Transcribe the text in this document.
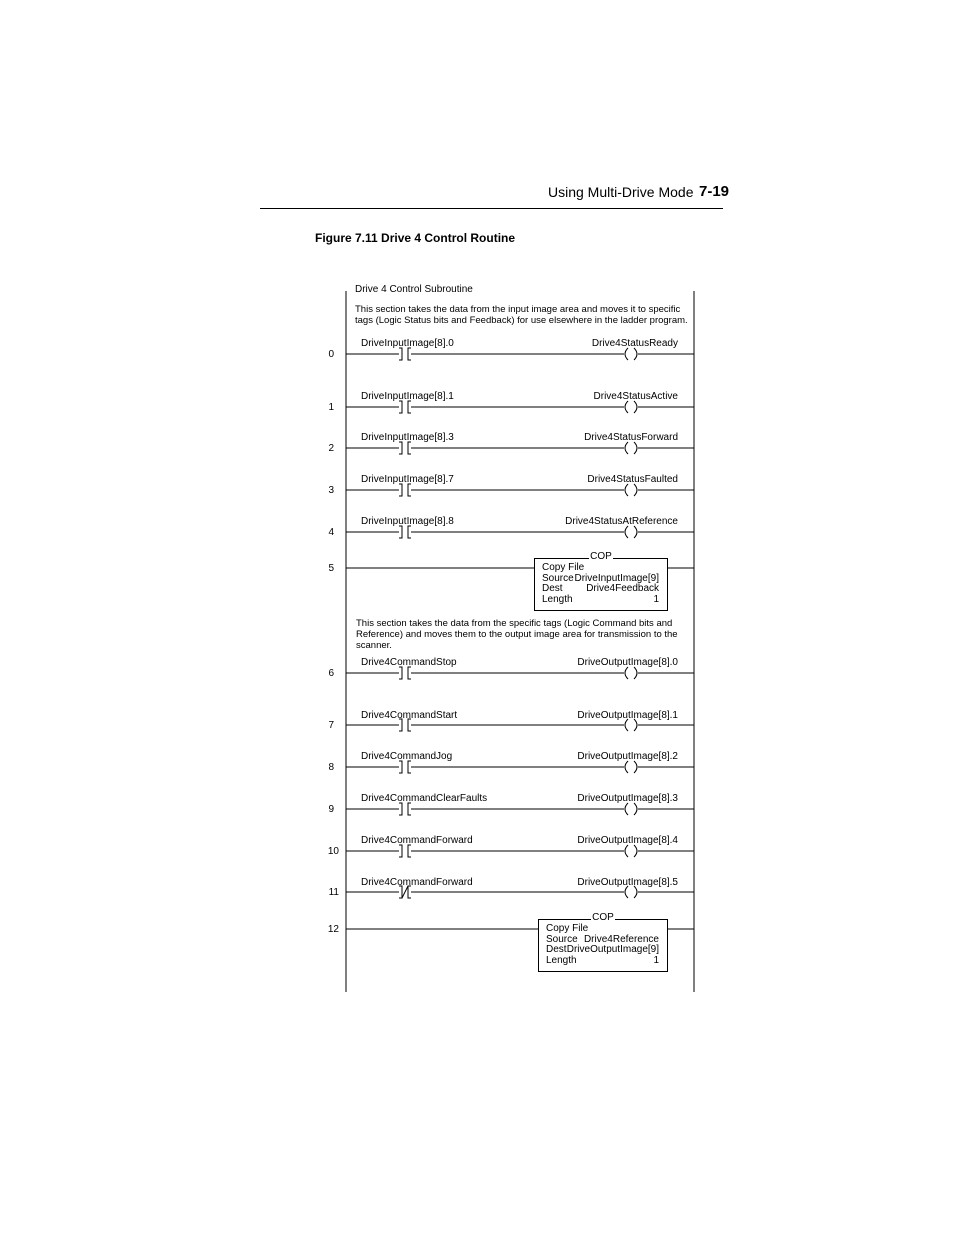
Using Multi-Drive Mode 7-19
Figure 7.11 Drive 4 Control Routine
Drive 4 Control Subroutine
This section takes the data from the input image area and moves it to specific tags (Logic Status bits and Feedback) for use elsewhere in the ladder program.
This section takes the data from the specific tags (Logic Command bits and Reference) and moves them to the output image area for transmission to the scanner.
0
DriveInputImage[8].0	Drive4StatusReady
1
DriveInputImage[8].1	Drive4StatusActive
2
DriveInputImage[8].3	Drive4StatusForward
3
DriveInputImage[8].7	Drive4StatusFaulted
4
DriveInputImage[8].8	Drive4StatusAtReference
5
COP
Copy File
Source DriveInputImage[9]
Dest Drive4Feedback
Length	1
6
Drive4CommandStop	DriveOutputImage[8].0
7
Drive4CommandStart	DriveOutputImage[8].1
8
Drive4CommandJog	DriveOutputImage[8].2
9
Drive4CommandClearFaults	DriveOutputImage[8].3
10
Drive4CommandForward	DriveOutputImage[8].4
11
Drive4CommandForward	DriveOutputImage[8].5
12
COP
Copy File
Source Drive4Reference
Dest DriveOutputImage[9]
Length	1
